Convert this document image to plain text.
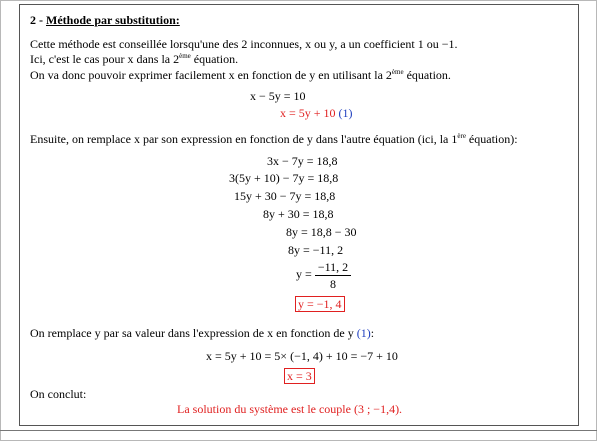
2 - Méthode par substitution:
Cette méthode est conseillée lorsqu'une des 2 inconnues, x ou y, a un coefficient 1 ou −1.
Ici, c'est le cas pour x dans la 2ème équation.
On va donc pouvoir exprimer facilement x en fonction de y en utilisant la 2ème équation.
x − 5y = 10
x = 5y + 10 (1)
Ensuite, on remplace x par son expression en fonction de y dans l'autre équation (ici, la 1ère équation):
3x − 7y = 18,8
3(5y + 10) − 7y = 18,8
15y + 30 − 7y = 18,8
8y + 30 = 18,8
8y = 18,8 − 30
8y = −11, 2
y = −11, 2
8
y = −1, 4
On remplace y par sa valeur dans l'expression de x en fonction de y (1):
x = 5y + 10 = 5× (−1, 4) + 10 = −7 + 10
x = 3
On conclut:
La solution du système est le couple (3 ; −1,4).
